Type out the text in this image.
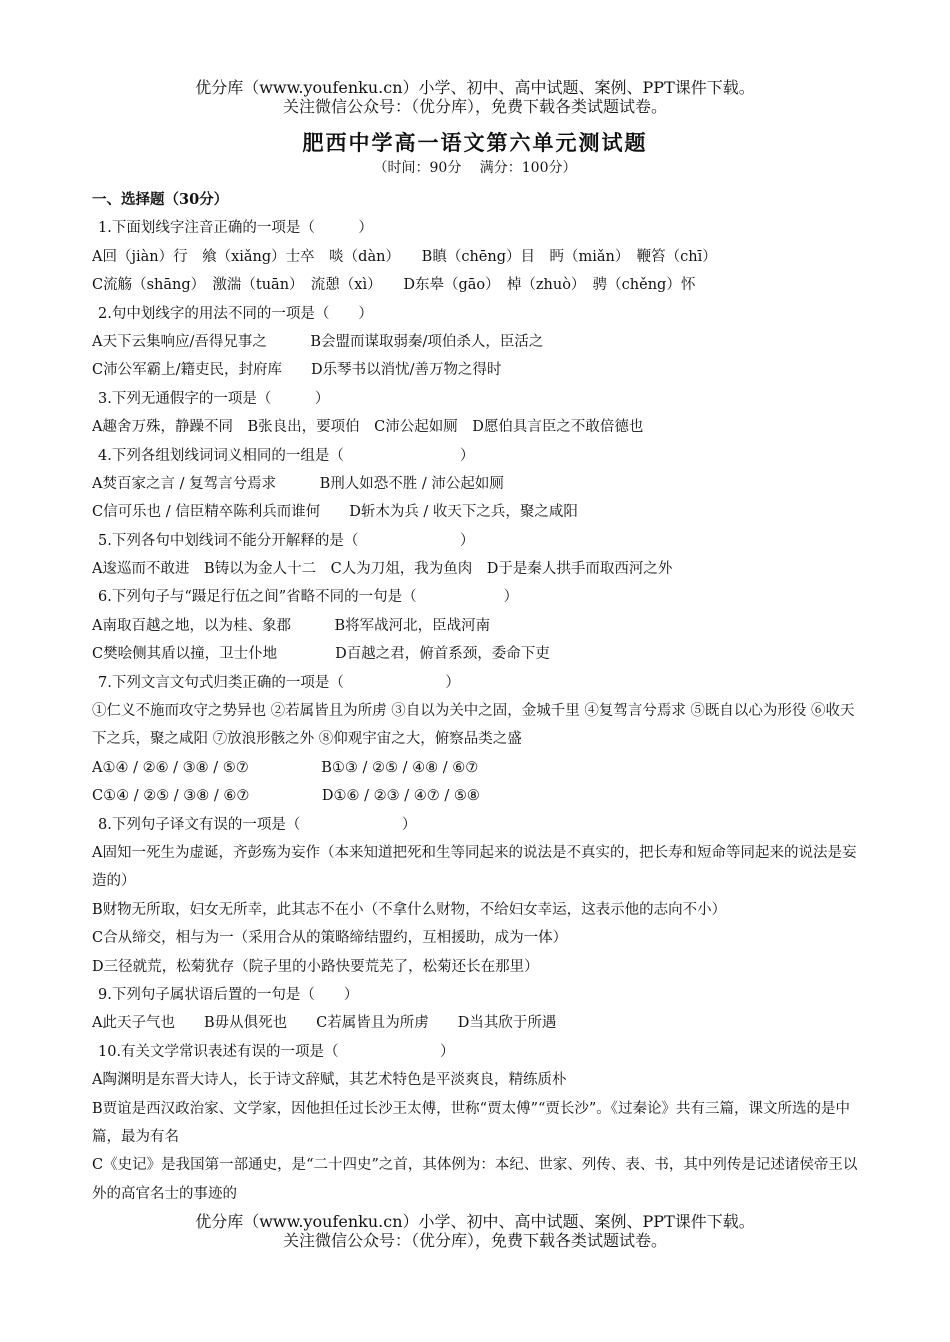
优分库（www.youfenku.cn）小学、初中、高中试题、案例、PPT课件下载。
关注微信公众号：（优分库），免费下载各类试题试卷。
肥西中学高一语文第六单元测试题
（时间：90分　 满分：100分）
一、选择题（30分）
1.下面划线字注音正确的一项是（　　　）
A回（jiàn）行　飨（xiǎng）士卒　啖（dàn）　　B瞋（chēng）目　眄（miǎn）　鞭笞（chī）
C流觞（shāng）　激湍（tuān）　流憩（xì）　　D东皋（gāo）　棹（zhuò）　骋（chěng）怀
2.句中划线字的用法不同的一项是（　　）
A天下云集响应/吾得兄事之　　　B会盟而谋取弱秦/项伯杀人，臣活之
C沛公军霸上/籍吏民，封府库　　D乐琴书以消忧/善万物之得时
3.下列无通假字的一项是（　　　）
A趣舍万殊，静躁不同　B张良出，要项伯　C沛公起如厕　D愿伯具言臣之不敢倍德也
4.下列各组划线词词义相同的一组是（　　　　　　　　）
A焚百家之言 / 复驾言兮焉求　　　B刑人如恐不胜 / 沛公起如厕
C信可乐也 / 信臣精卒陈利兵而谁何　　D斩木为兵 / 收天下之兵，聚之咸阳
5.下列各句中划线词不能分开解释的是（　　　　　　　）
A逡巡而不敢进　B铸以为金人十二　C人为刀俎，我为鱼肉　D于是秦人拱手而取西河之外
6.下列句子与“蹑足行伍之间”省略不同的一句是（　　　　　　）
A南取百越之地，以为桂、象郡　　　B将军战河北，臣战河南
C樊哙侧其盾以撞，卫士仆地　　　　D百越之君，俯首系颈，委命下吏
7.下列文言文句式归类正确的一项是（　　　　　　　）
①仁义不施而攻守之势异也 ②若属皆且为所虏 ③自以为关中之固，金城千里 ④复驾言兮焉求 ⑤既自以心为形役 ⑥收天下之兵，聚之咸阳 ⑦放浪形骸之外 ⑧仰观宇宙之大，俯察品类之盛
A①④ / ②⑥ / ③⑧ / ⑤⑦　　　　　B①③ / ②⑤ / ④⑧ / ⑥⑦
C①④ / ②⑤ / ③⑧ / ⑥⑦　　　　　D①⑥ / ②③ / ④⑦ / ⑤⑧
8.下列句子译文有误的一项是（　　　　　　　）
A固知一死生为虚诞，齐彭殇为妄作（本来知道把死和生等同起来的说法是不真实的，把长寿和短命等同起来的说法是妄造的）
B财物无所取，妇女无所幸，此其志不在小（不拿什么财物，不给妇女幸运，这表示他的志向不小）
C合从缔交，相与为一（采用合从的策略缔结盟约，互相援助，成为一体）
D三径就荒，松菊犹存（院子里的小路快要荒芜了，松菊还长在那里）
9.下列句子属状语后置的一句是（　　）
A此天子气也　　B毋从俱死也　　C若属皆且为所虏　　D当其欣于所遇
10.有关文学常识表述有误的一项是（　　　　　　　）
A陶渊明是东晋大诗人，长于诗文辞赋，其艺术特色是平淡爽良，精练质朴
B贾谊是西汉政治家、文学家，因他担任过长沙王太傅，世称“贾太傅”“贾长沙”。《过秦论》共有三篇，课文所选的是中篇，最为有名
C《史记》是我国第一部通史，是“二十四史”之首，其体例为：本纪、世家、列传、表、书，其中列传是记述诸侯帝王以外的高官名士的事迹的
优分库（www.youfenku.cn）小学、初中、高中试题、案例、PPT课件下载。
关注微信公众号：（优分库），免费下载各类试题试卷。
